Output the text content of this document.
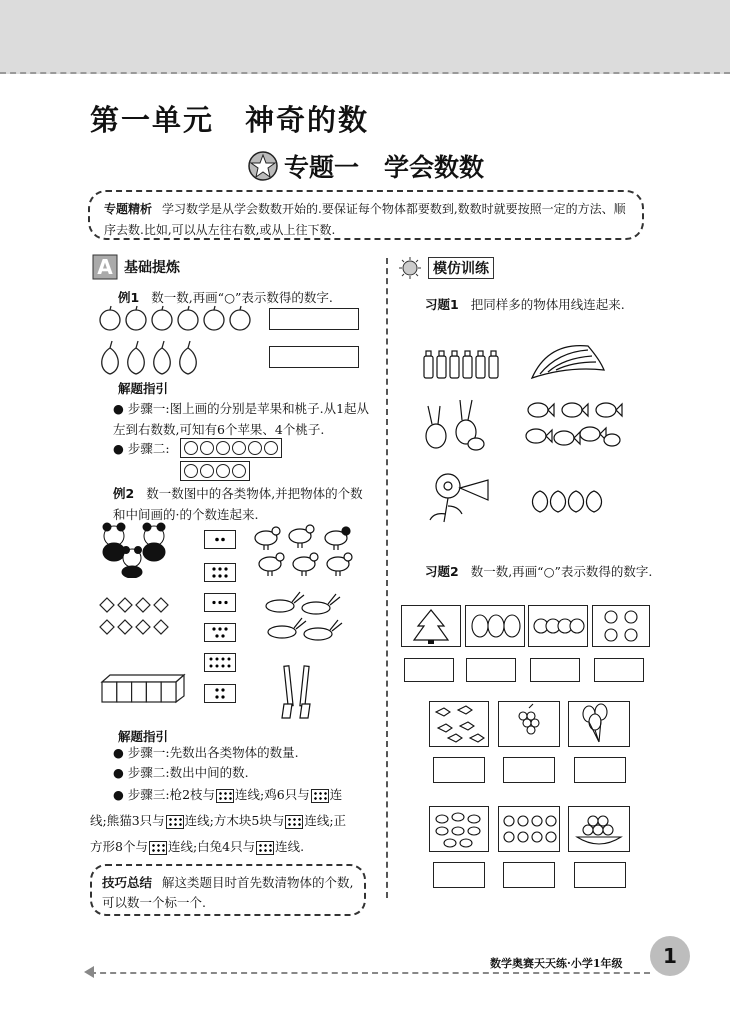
第一单元　神奇的数
专题一　学会数数
专题精析 学习数学是从学会数数开始的.要保证每个物体都要数到,数数时就要按照一定的方法、顺序去数.比如,可以从左往右数,或从上往下数.
A 基础提炼
例1 数一数,再画“○”表示数得的数字.
解题指引
● 步骤一:图上画的分别是苹果和桃子.从1起从左到右数数,可知有6个苹果、4个桃子.
● 步骤二:
例2 数一数图中的各类物体,并把物体的个数和中间画的·的个数连起来.
解题指引
● 步骤一:先数出各类物体的数量.
● 步骤二:数出中间的数.
● 步骤三:枪2枝与 连线;鸡6只与 连
线;熊猫3只与 连线;方木块5块与 连线;正
方形8个与 连线;白兔4只与 连线.
技巧总结 解这类题目时首先数清物体的个数,可以数一个标一个.
模仿训练
习题1 把同样多的物体用线连起来.
习题2 数一数,再画“○”表示数得的数字.
数学奥赛天天练·小学1年级	1
